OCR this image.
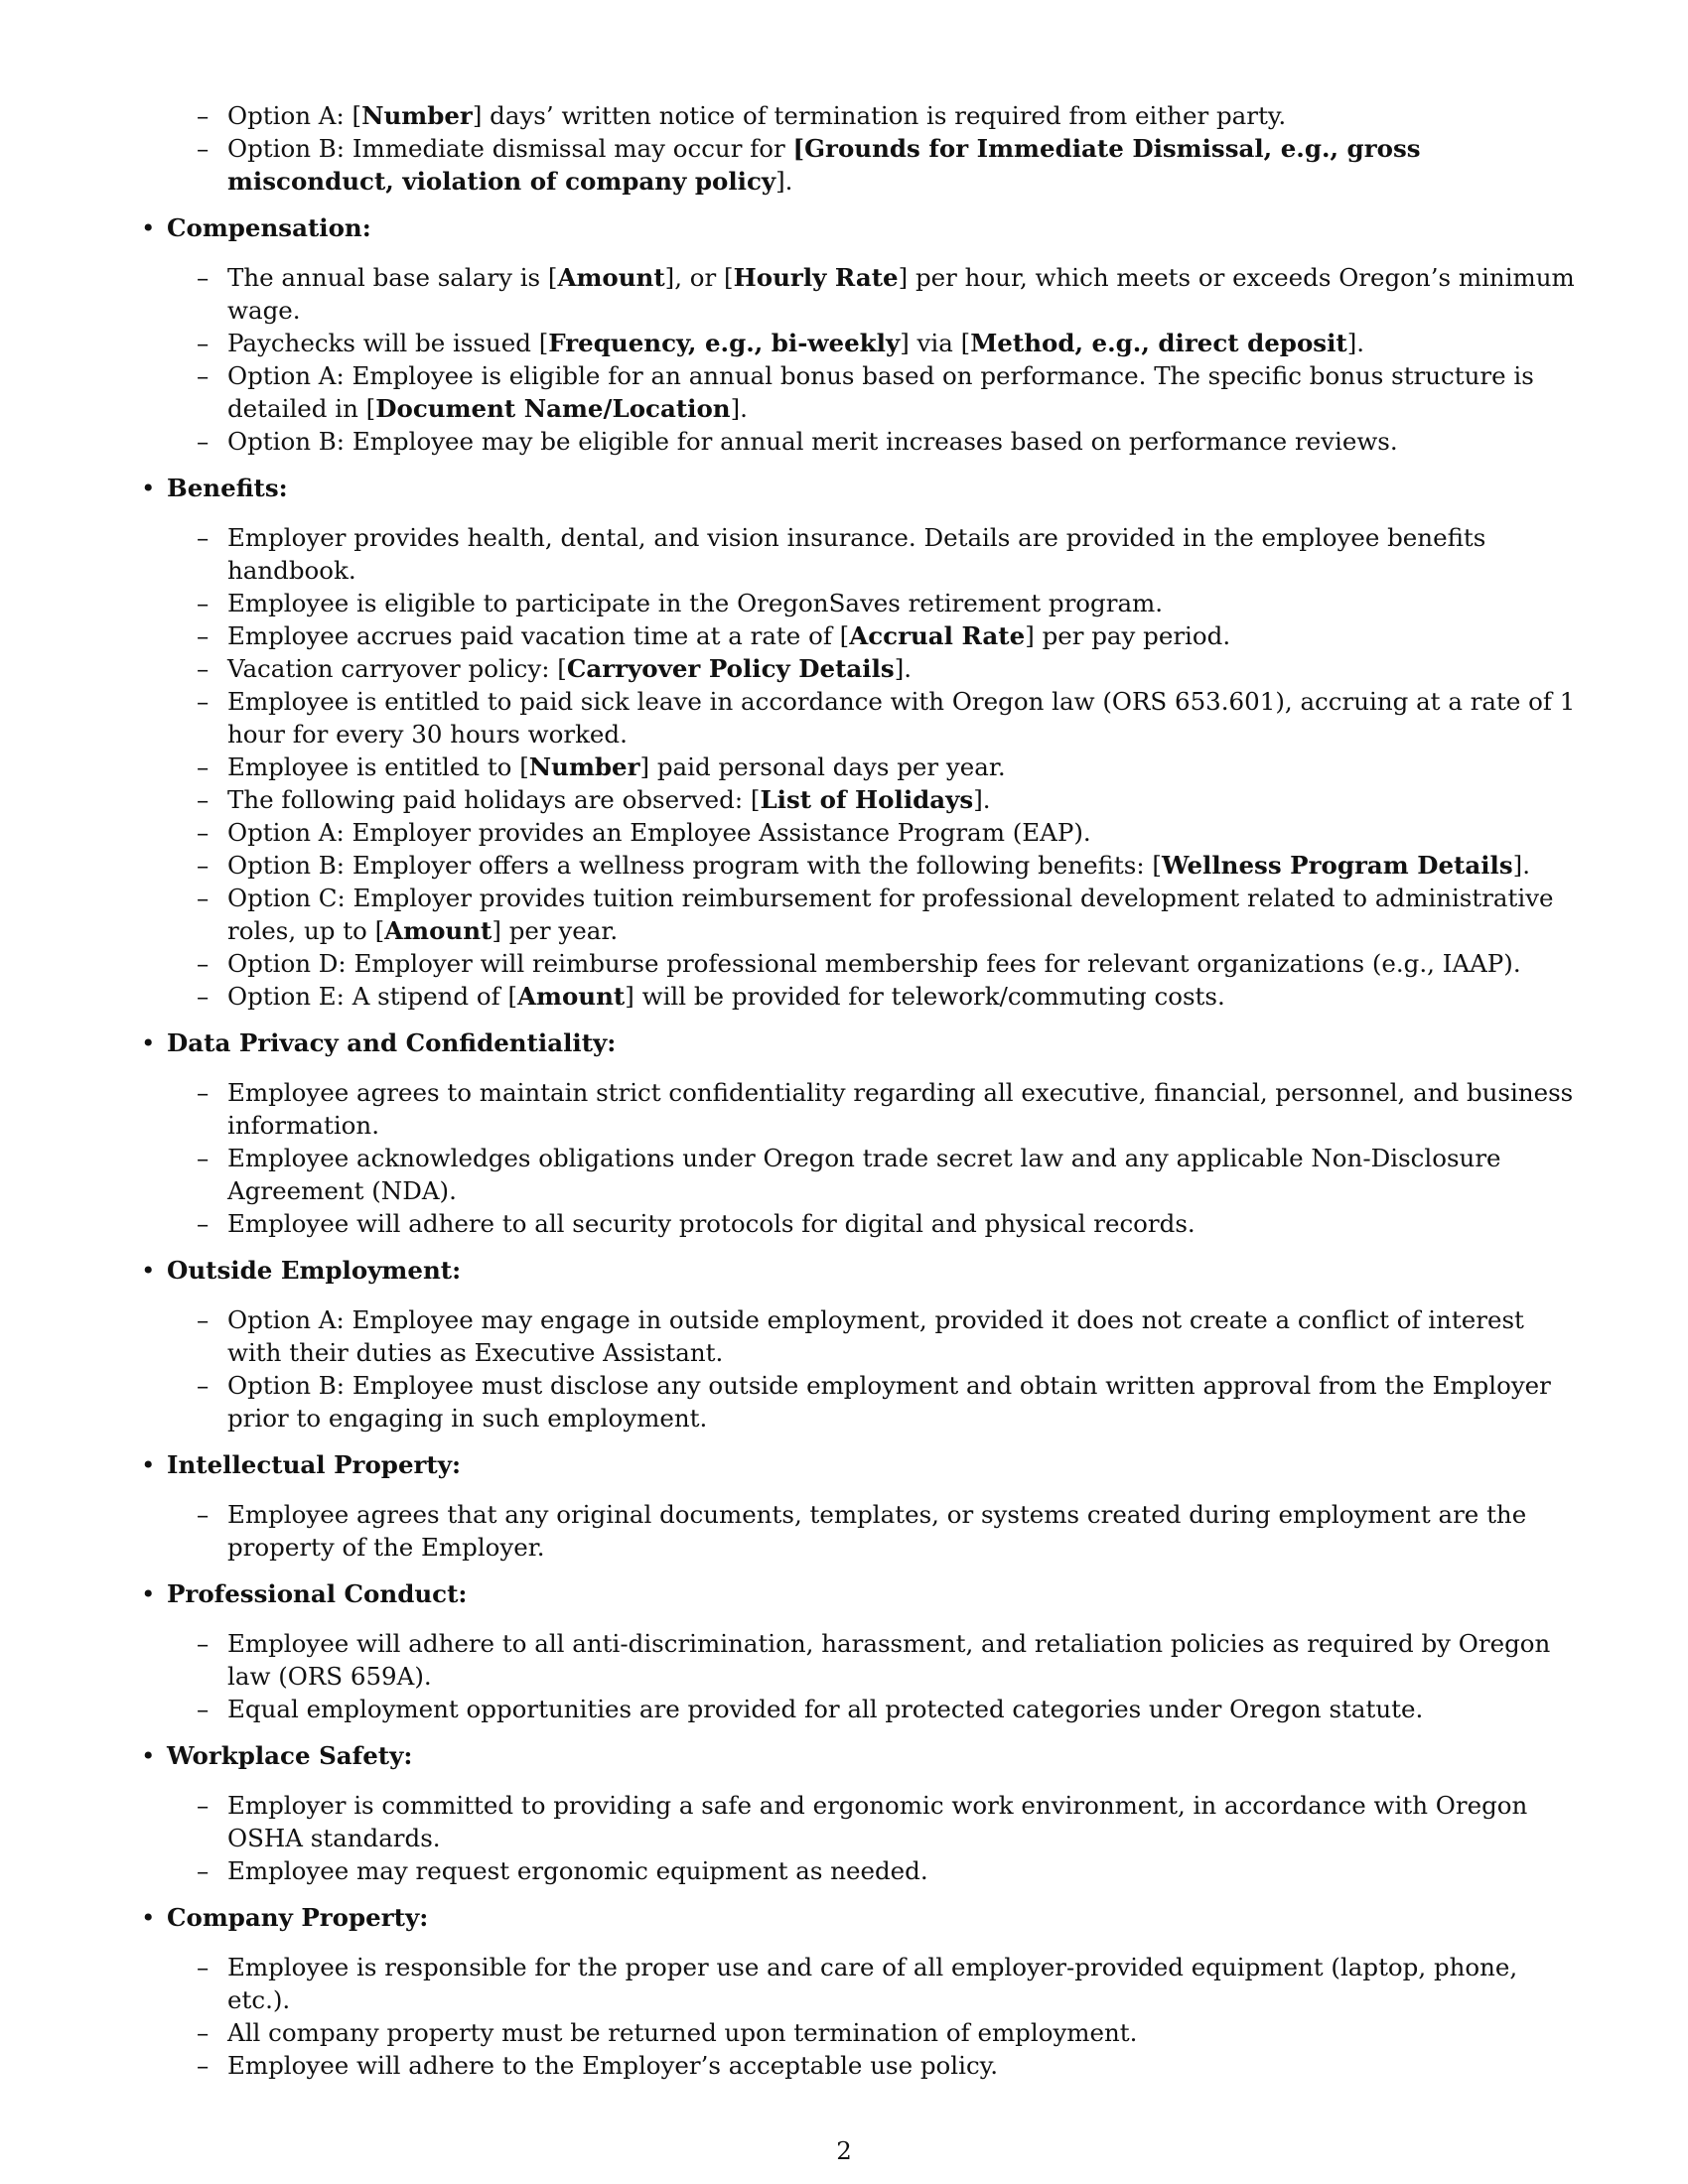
– Option A: [Number] days’ written notice of termination is required from either party.
– Option B: Immediate dismissal may occur for [Grounds for Immediate Dismissal, e.g., gross misconduct, violation of company policy].
• Compensation:
– The annual base salary is [Amount], or [Hourly Rate] per hour, which meets or exceeds Oregon’s minimum wage.
– Paychecks will be issued [Frequency, e.g., bi-weekly] via [Method, e.g., direct deposit].
– Option A: Employee is eligible for an annual bonus based on performance. The specific bonus structure is detailed in [Document Name/Location].
– Option B: Employee may be eligible for annual merit increases based on performance reviews.
• Benefits:
– Employer provides health, dental, and vision insurance. Details are provided in the employee benefits handbook.
– Employee is eligible to participate in the OregonSaves retirement program.
– Employee accrues paid vacation time at a rate of [Accrual Rate] per pay period.
– Vacation carryover policy: [Carryover Policy Details].
– Employee is entitled to paid sick leave in accordance with Oregon law (ORS 653.601), accruing at a rate of 1 hour for every 30 hours worked.
– Employee is entitled to [Number] paid personal days per year.
– The following paid holidays are observed: [List of Holidays].
– Option A: Employer provides an Employee Assistance Program (EAP).
– Option B: Employer offers a wellness program with the following benefits: [Wellness Program Details].
– Option C: Employer provides tuition reimbursement for professional development related to administrative roles, up to [Amount] per year.
– Option D: Employer will reimburse professional membership fees for relevant organizations (e.g., IAAP).
– Option E: A stipend of [Amount] will be provided for telework/commuting costs.
• Data Privacy and Confidentiality:
– Employee agrees to maintain strict confidentiality regarding all executive, financial, personnel, and business information.
– Employee acknowledges obligations under Oregon trade secret law and any applicable Non-Disclosure Agreement (NDA).
– Employee will adhere to all security protocols for digital and physical records.
• Outside Employment:
– Option A: Employee may engage in outside employment, provided it does not create a conflict of interest with their duties as Executive Assistant.
– Option B: Employee must disclose any outside employment and obtain written approval from the Employer prior to engaging in such employment.
• Intellectual Property:
– Employee agrees that any original documents, templates, or systems created during employment are the property of the Employer.
• Professional Conduct:
– Employee will adhere to all anti-discrimination, harassment, and retaliation policies as required by Oregon law (ORS 659A).
– Equal employment opportunities are provided for all protected categories under Oregon statute.
• Workplace Safety:
– Employer is committed to providing a safe and ergonomic work environment, in accordance with Oregon OSHA standards.
– Employee may request ergonomic equipment as needed.
• Company Property:
– Employee is responsible for the proper use and care of all employer-provided equipment (laptop, phone, etc.).
– All company property must be returned upon termination of employment.
– Employee will adhere to the Employer’s acceptable use policy.
2
